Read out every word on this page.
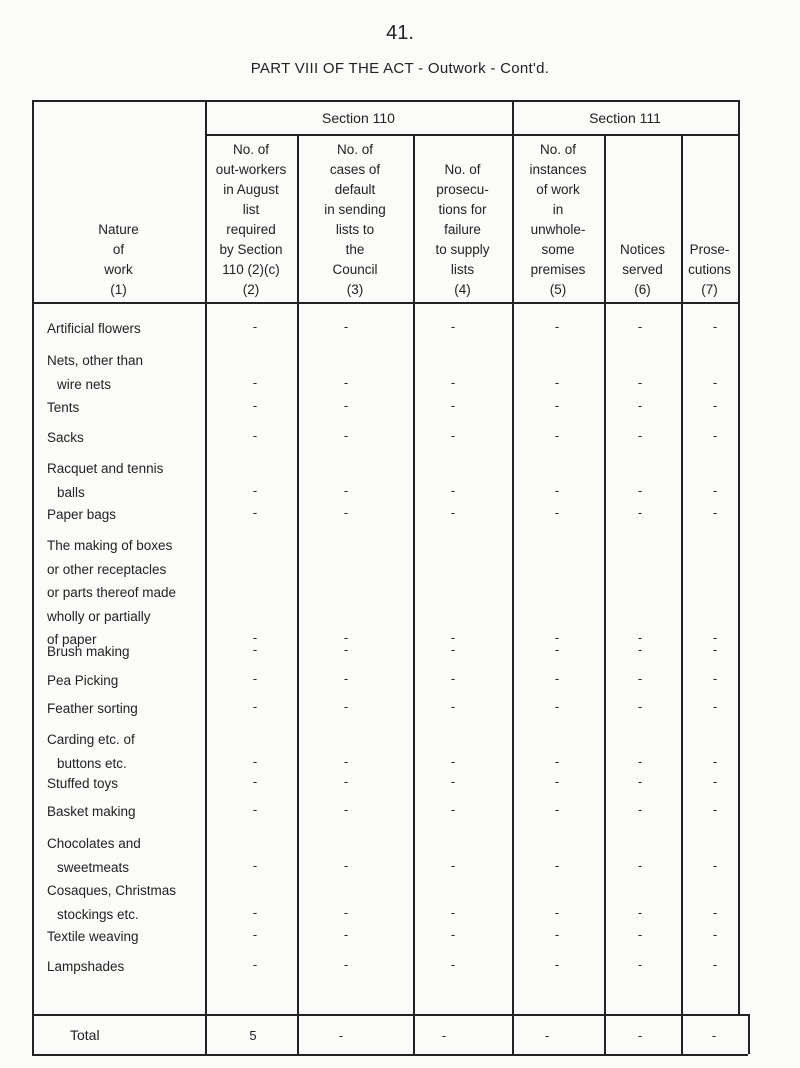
41.
PART VIII OF THE ACT - Outwork - Cont'd.
Section 110	Section 111
Nature
of
work
(1)
No. of
out-workers
in August
list
required
by Section
110 (2)(c)
(2)
No. of
cases of
default
in sending
lists to
the
Council
(3)
No. of
prosecu-
tions for
failure
to supply
lists
(4)
No. of
instances
of work
in
unwhole-
some
premises
(5)
Notices
served
(6)
Prose-
cutions
(7)
Artificial flowers	-	-	-	-	-	-
Nets, other than
wire nets	-	-	-	-	-	-
Tents	-	-	-	-	-	-
Sacks	-	-	-	-	-	-
Racquet and tennis
balls	-	-	-	-	-	-
Paper bags	-	-	-	-	-	-
The making of boxes
or other receptacles
or parts thereof made
wholly or partially
of paper	-	-	-	-	-	-
Brush making	-	-	-	-	-	-
Pea Picking	-	-	-	-	-	-
Feather sorting	-	-	-	-	-	-
Carding etc. of
buttons etc.	-	-	-	-	-	-
Stuffed toys	-	-	-	-	-	-
Basket making	-	-	-	-	-	-
Chocolates and
sweetmeats	-	-	-	-	-	-
Cosaques, Christmas
stockings etc.	-	-	-	-	-	-
Textile weaving	-	-	-	-	-	-
Lampshades	-	-	-	-	-	-
Total	5	-	-	-	-	-
